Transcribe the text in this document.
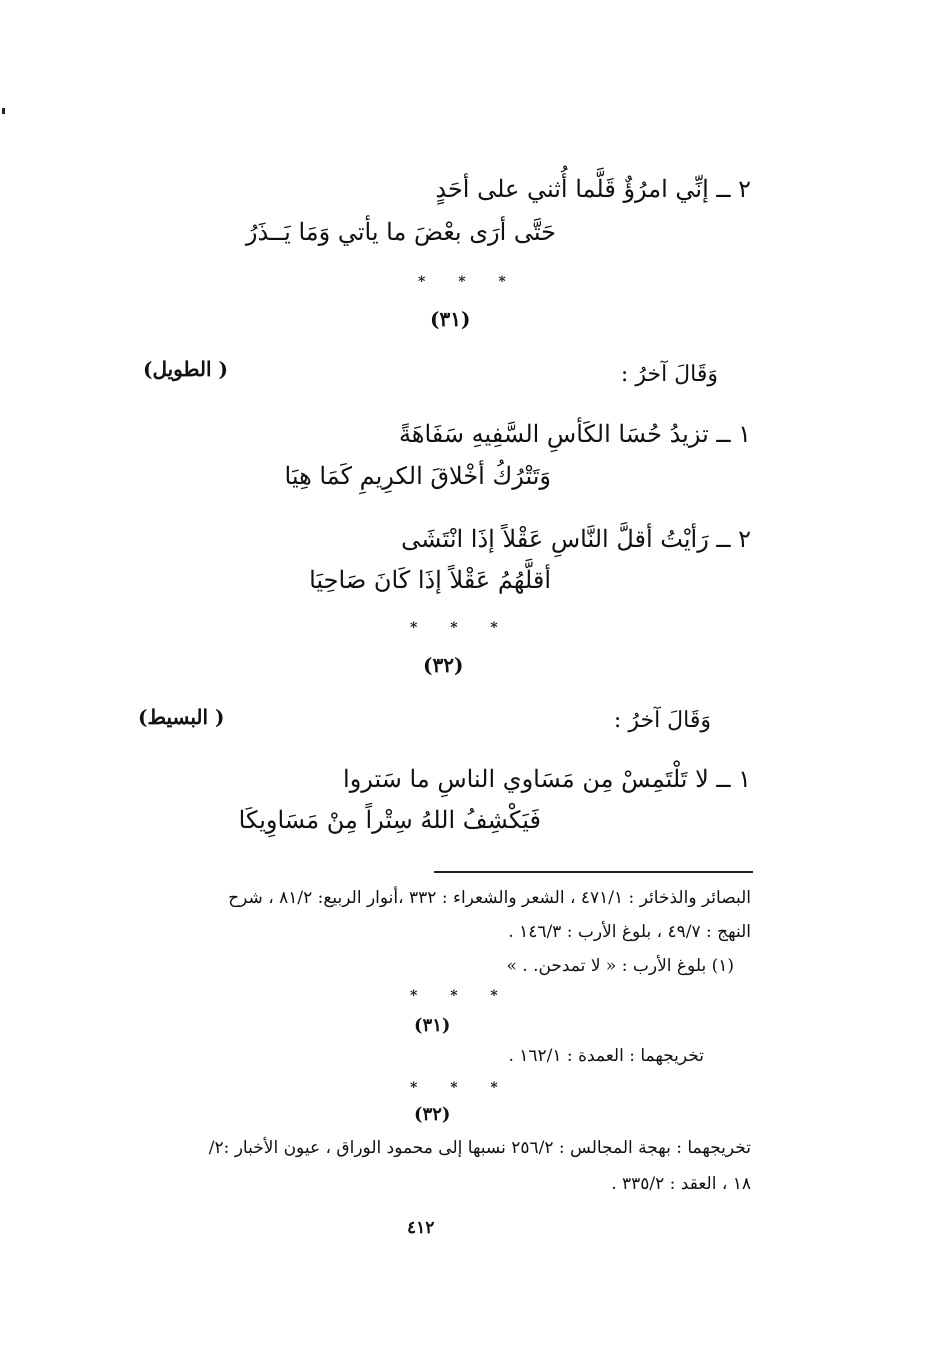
٢ ــ إنِّي امرُؤٌ قَلَّما أُثني على أحَدٍ
حَتَّى أرَى بعْضَ ما يأتي وَمَا يَــذَرُ
* * *
(٣١)
وَقَالَ آخرُ :
( الطويل)
١ ــ تزيدُ حُسَا الكَأسِ السَّفِيهِ سَفَاهَةً
وَتَتْرُكُ أخْلاقَ الكرِيمِ كَمَا هِيَا
٢ ــ رَأيْتُ أقلَّ النَّاسِ عَقْلاً إذَا انْتَشَى
أقلَّهُمُ عَقْلاً إذَا كَانَ صَاحِيَا
* * *
(٣٢)
وَقَالَ آخرُ :
( البسيط)
١ ــ لا تَلْتَمِسْ مِن مَسَاوي الناسِ ما سَتروا
فَيَكْشِفُ اللهُ سِتْراً مِنْ مَسَاوِيكَا
البصائر والذخائر : ٤٧١/١ ، الشعر والشعراء : ٣٣٢ ،أنوار الربيع: ٨١/٢ ، شرح
النهج : ٤٩/٧ ، بلوغ الأرب : ١٤٦/٣ .
(١) بلوغ الأرب : « لا تمدحن. . »
* * *
(٣١)
تخريجهما : العمدة : ١٦٢/١ .
* * *
(٣٢)
تخريجهما : بهجة المجالس : ٢٥٦/٢ نسبها إلى محمود الوراق ، عيون الأخبار :٢/
١٨ ، العقد : ٣٣٥/٢ .
٤١٢
